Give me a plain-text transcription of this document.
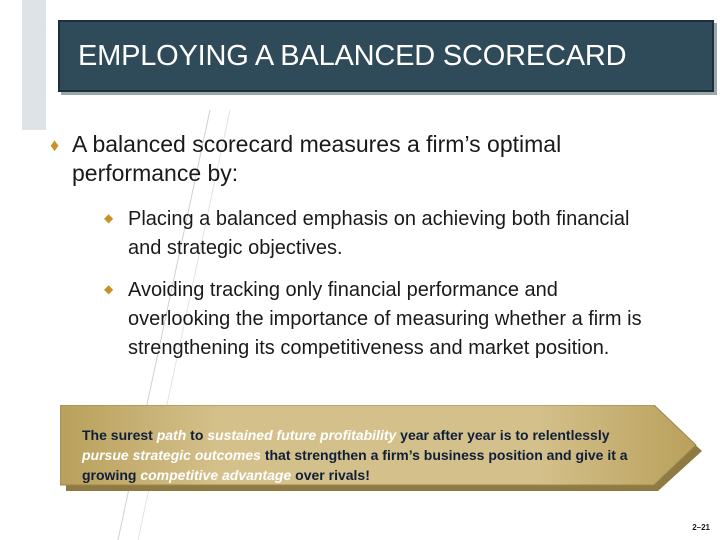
EMPLOYING A BALANCED SCORECARD
♦ A balanced scorecard measures a firm’s optimal performance by:
◆ Placing a balanced emphasis on achieving both financial and strategic objectives.
◆ Avoiding tracking only financial performance and overlooking the importance of measuring whether a firm is strengthening its competitiveness and market position.
The surest path to sustained future profitability year after year is to relentlessly pursue strategic outcomes that strengthen a firm’s business position and give it a growing competitive advantage over rivals!
2–21
